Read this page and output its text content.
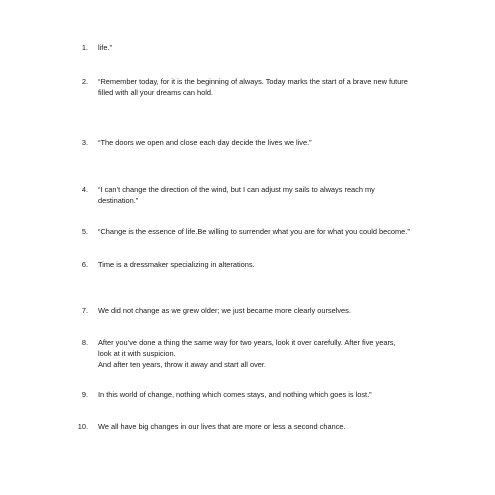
1.	life.”
2.	“Remember today, for it is the beginning of always. Today marks the start of a brave new future
filled with all your dreams can hold.
3.	“The doors we open and close each day decide the lives we live.”
4.	“I can’t change the direction of the wind, but I can adjust my sails to always reach my
destination.”
5.	“Change is the essence of life.Be willing to surrender what you are for what you could become.”
6.	Time is a dressmaker specializing in alterations.
7.	We did not change as we grew older; we just became more clearly ourselves.
8.	After you’ve done a thing the same way for two years, look it over carefully. After five years,
look at it with suspicion.
And after ten years, throw it away and start all over.
9.	In this world of change, nothing which comes stays, and nothing which goes is lost.”
10.	We all have big changes in our lives that are more or less a second chance.
